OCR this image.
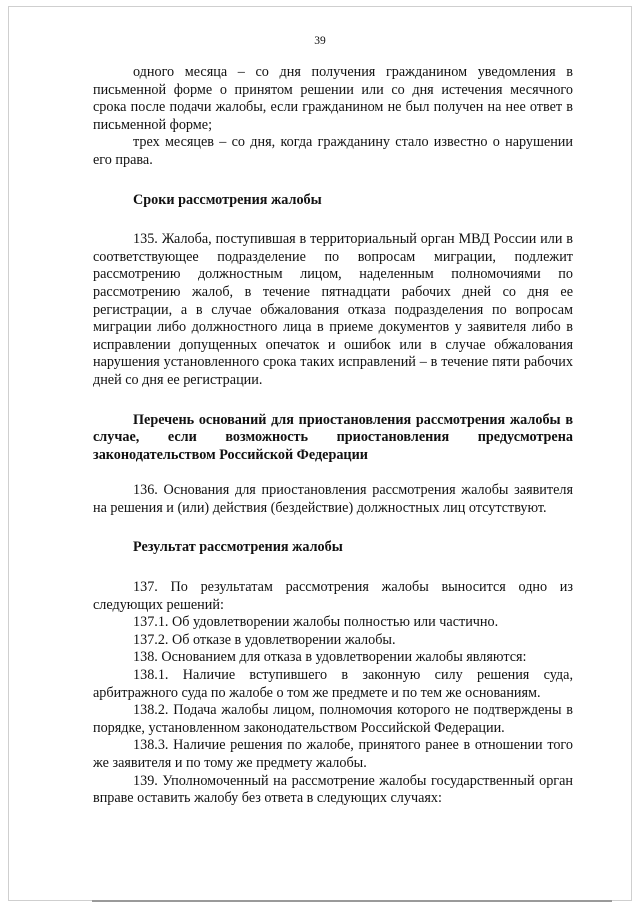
39

одного месяца – со дня получения гражданином уведомления в письменной форме о принятом решении или со дня истечения месячного срока после подачи жалобы, если гражданином не был получен на нее ответ в письменной форме;

трех месяцев – со дня, когда гражданину стало известно о нарушении его права.

Сроки рассмотрения жалобы

135. Жалоба, поступившая в территориальный орган МВД России или в соответствующее подразделение по вопросам миграции, подлежит рассмотрению должностным лицом, наделенным полномочиями по рассмотрению жалоб, в течение пятнадцати рабочих дней со дня ее регистрации, а в случае обжалования отказа подразделения по вопросам миграции либо должностного лица в приеме документов у заявителя либо в исправлении допущенных опечаток и ошибок или в случае обжалования нарушения установленного срока таких исправлений – в течение пяти рабочих дней со дня ее регистрации.

Перечень оснований для приостановления рассмотрения жалобы в случае, если возможность приостановления предусмотрена законодательством Российской Федерации

136. Основания для приостановления рассмотрения жалобы заявителя на решения и (или) действия (бездействие) должностных лиц отсутствуют.

Результат рассмотрения жалобы

137. По результатам рассмотрения жалобы выносится одно из следующих решений:

137.1. Об удовлетворении жалобы полностью или частично.

137.2. Об отказе в удовлетворении жалобы.

138. Основанием для отказа в удовлетворении жалобы являются:

138.1. Наличие вступившего в законную силу решения суда, арбитражного суда по жалобе о том же предмете и по тем же основаниям.

138.2. Подача жалобы лицом, полномочия которого не подтверждены в порядке, установленном законодательством Российской Федерации.

138.3. Наличие решения по жалобе, принятого ранее в отношении того же заявителя и по тому же предмету жалобы.

139. Уполномоченный на рассмотрение жалобы государственный орган вправе оставить жалобу без ответа в следующих случаях:
